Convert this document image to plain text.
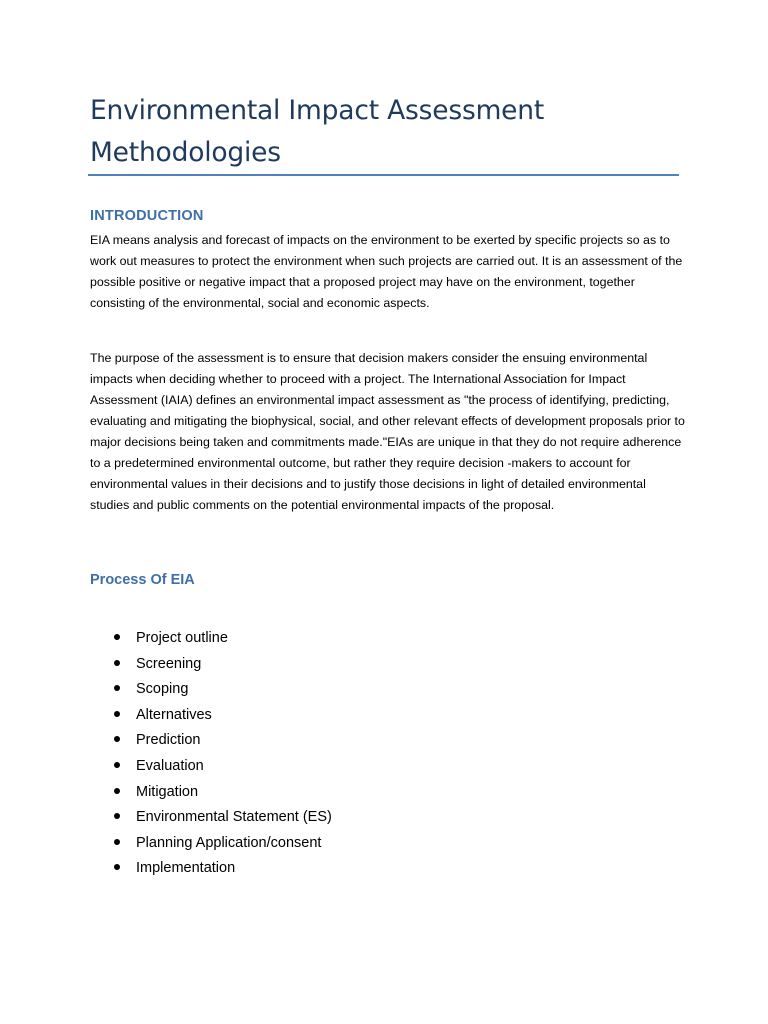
Environmental Impact Assessment Methodologies
INTRODUCTION

EIA means analysis and forecast of impacts on the environment to be exerted by specific projects so as to work out measures to protect the environment when such projects are carried out. It is an assessment of the possible positive or negative impact that a proposed project may have on the environment, together consisting of the environmental, social and economic aspects.

The purpose of the assessment is to ensure that decision makers consider the ensuing environmental impacts when deciding whether to proceed with a project. The International Association for Impact Assessment (IAIA) defines an environmental impact assessment as "the process of identifying, predicting, evaluating and mitigating the biophysical, social, and other relevant effects of development proposals prior to major decisions being taken and commitments made."EIAs are unique in that they do not require adherence to a predetermined environmental outcome, but rather they require decision -makers to account for environmental values in their decisions and to justify those decisions in light of detailed environmental studies and public comments on the potential environmental impacts of the proposal.

Process Of EIA
Project outline
Screening
Scoping
Alternatives
Prediction
Evaluation
Mitigation
Environmental Statement (ES)
Planning Application/consent
Implementation
